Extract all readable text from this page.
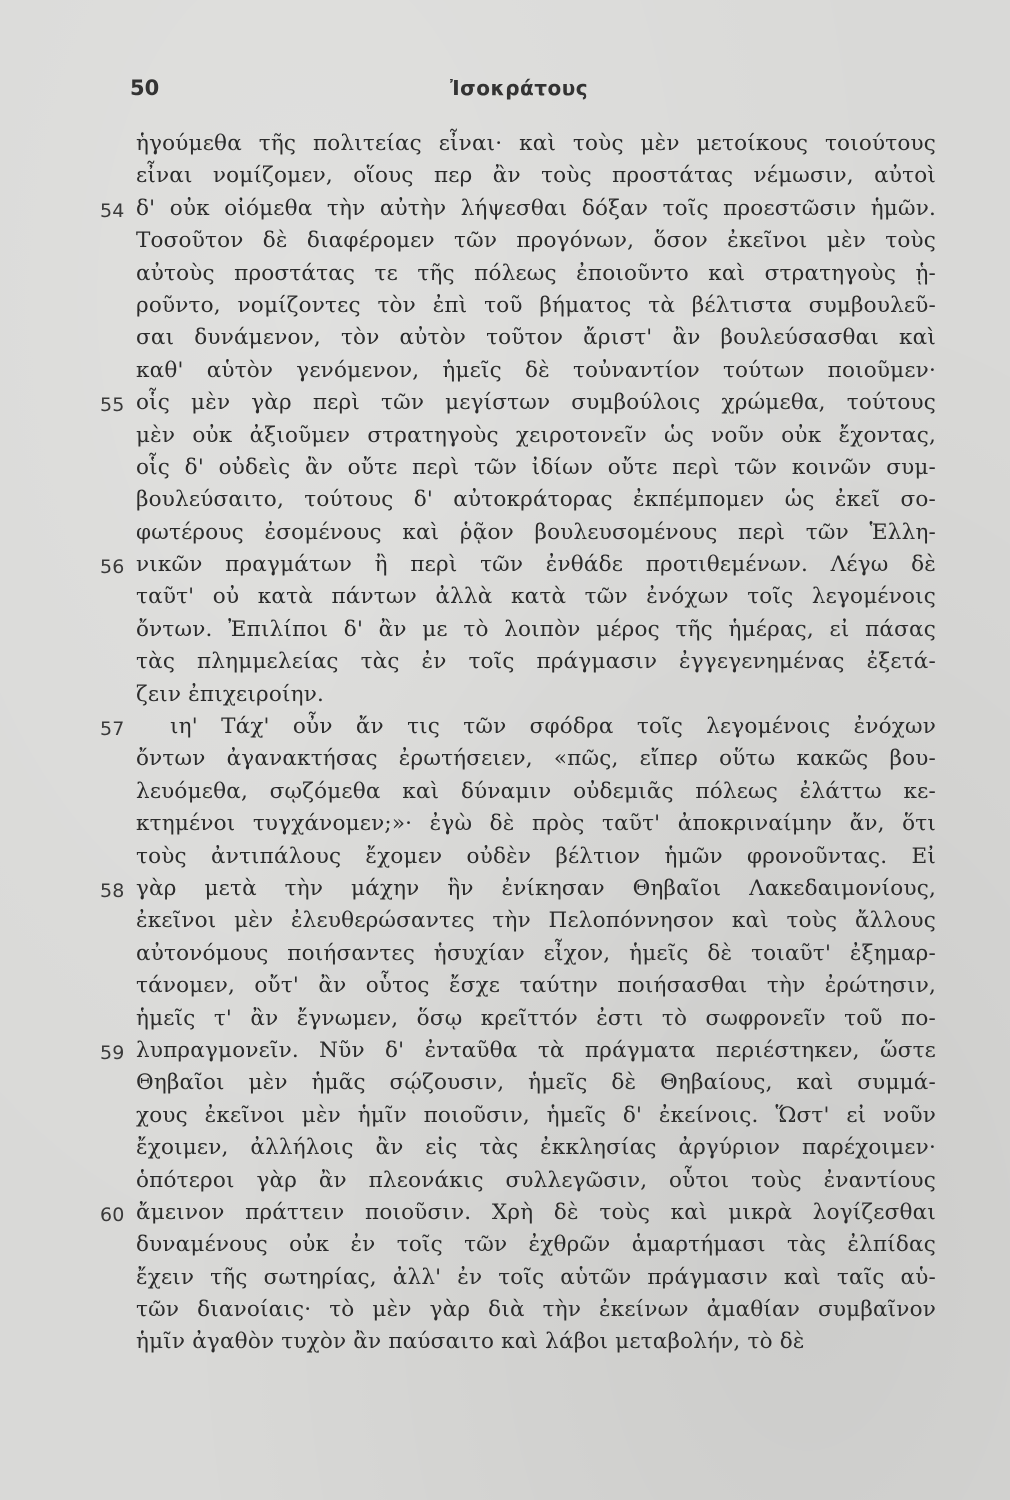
50	Ἰσοκράτους
ἡγούμεθα τῆς πολιτείας εἶναι· καὶ τοὺς μὲν μετοίκους τοιούτους
εἶναι νομίζομεν, οἵους περ ἂν τοὺς προστάτας νέμωσιν, αὐτοὶ
54 δ' οὐκ οἰόμεθα τὴν αὐτὴν λήψεσθαι δόξαν τοῖς προεστῶσιν ἡμῶν.
Τοσοῦτον δὲ διαφέρομεν τῶν προγόνων, ὅσον ἐκεῖνοι μὲν τοὺς
αὐτοὺς προστάτας τε τῆς πόλεως ἐποιοῦντο καὶ στρατηγοὺς ᾑ-
ροῦντο, νομίζοντες τὸν ἐπὶ τοῦ βήματος τὰ βέλτιστα συμβουλεῦ-
σαι δυνάμενον, τὸν αὐτὸν τοῦτον ἄριστ' ἂν βουλεύσασθαι καὶ
καθ' αὑτὸν γενόμενον, ἡμεῖς δὲ τοὐναντίον τούτων ποιοῦμεν·
55 οἷς μὲν γὰρ περὶ τῶν μεγίστων συμβούλοις χρώμεθα, τούτους
μὲν οὐκ ἀξιοῦμεν στρατηγοὺς χειροτονεῖν ὡς νοῦν οὐκ ἔχοντας,
οἷς δ' οὐδεὶς ἂν οὔτε περὶ τῶν ἰδίων οὔτε περὶ τῶν κοινῶν συμ-
βουλεύσαιτο, τούτους δ' αὐτοκράτορας ἐκπέμπομεν ὡς ἐκεῖ σο-
φωτέρους ἐσομένους καὶ ῥᾷον βουλευσομένους περὶ τῶν Ἑλλη-
56 νικῶν πραγμάτων ἢ περὶ τῶν ἐνθάδε προτιθεμένων. Λέγω δὲ
ταῦτ' οὐ κατὰ πάντων ἀλλὰ κατὰ τῶν ἐνόχων τοῖς λεγομένοις
ὄντων. Ἐπιλίποι δ' ἂν με τὸ λοιπὸν μέρος τῆς ἡμέρας, εἰ πάσας
τὰς πλημμελείας τὰς ἐν τοῖς πράγμασιν ἐγγεγενημένας ἐξετά-
ζειν ἐπιχειροίην.
57 ιη' Τάχ' οὖν ἄν τις τῶν σφόδρα τοῖς λεγομένοις ἐνόχων
ὄντων ἀγανακτήσας ἐρωτήσειεν, «πῶς, εἴπερ οὕτω κακῶς βου-
λευόμεθα, σῳζόμεθα καὶ δύναμιν οὐδεμιᾶς πόλεως ἐλάττω κε-
κτημένοι τυγχάνομεν;»· ἐγὼ δὲ πρὸς ταῦτ' ἀποκριναίμην ἄν, ὅτι
τοὺς ἀντιπάλους ἔχομεν οὐδὲν βέλτιον ἡμῶν φρονοῦντας. Εἰ
58 γὰρ μετὰ τὴν μάχην ἣν ἐνίκησαν Θηβαῖοι Λακεδαιμονίους,
ἐκεῖνοι μὲν ἐλευθερώσαντες τὴν Πελοπόννησον καὶ τοὺς ἄλλους
αὐτονόμους ποιήσαντες ἡσυχίαν εἶχον, ἡμεῖς δὲ τοιαῦτ' ἐξημαρ-
τάνομεν, οὔτ' ἂν οὗτος ἔσχε ταύτην ποιήσασθαι τὴν ἐρώτησιν,
ἡμεῖς τ' ἂν ἔγνωμεν, ὅσῳ κρεῖττόν ἐστι τὸ σωφρονεῖν τοῦ πο-
59 λυπραγμονεῖν. Νῦν δ' ἐνταῦθα τὰ πράγματα περιέστηκεν, ὥστε
Θηβαῖοι μὲν ἡμᾶς σῴζουσιν, ἡμεῖς δὲ Θηβαίους, καὶ συμμά-
χους ἐκεῖνοι μὲν ἡμῖν ποιοῦσιν, ἡμεῖς δ' ἐκείνοις. Ὥστ' εἰ νοῦν
ἔχοιμεν, ἀλλήλοις ἂν εἰς τὰς ἐκκλησίας ἀργύριον παρέχοιμεν·
ὁπότεροι γὰρ ἂν πλεονάκις συλλεγῶσιν, οὗτοι τοὺς ἐναντίους
60 ἄμεινον πράττειν ποιοῦσιν. Χρὴ δὲ τοὺς καὶ μικρὰ λογίζεσθαι
δυναμένους οὐκ ἐν τοῖς τῶν ἐχθρῶν ἁμαρτήμασι τὰς ἐλπίδας
ἔχειν τῆς σωτηρίας, ἀλλ' ἐν τοῖς αὑτῶν πράγμασιν καὶ ταῖς αὑ-
τῶν διανοίαις· τὸ μὲν γὰρ διὰ τὴν ἐκείνων ἀμαθίαν συμβαῖνον
ἡμῖν ἀγαθὸν τυχὸν ἂν παύσαιτο καὶ λάβοι μεταβολήν, τὸ δὲ
